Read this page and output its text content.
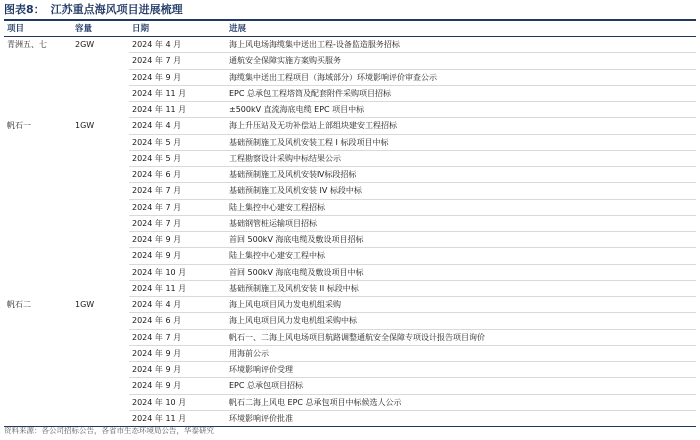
图表8： 江苏重点海风项目进展梳理
项目	容量	日期	进展
青洲五、七	2GW	2024 年 4 月	海上风电场海缆集中送出工程-设备监造服务招标
		2024 年 7 月	通航安全保障实施方案购买服务
		2024 年 9 月	海缆集中送出工程项目（海域部分）环境影响评价审查公示
		2024 年 11 月	EPC 总承包工程塔筒及配套附件采购项目招标
		2024 年 11 月	±500kV 直流海底电缆 EPC 项目中标
帆石一	1GW	2024 年 4 月	海上升压站及无功补偿站上部组块建安工程招标
		2024 年 5 月	基础预制施工及风机安装工程 I 标段项目中标
		2024 年 5 月	工程勘察设计采购中标结果公示
		2024 年 6 月	基础预制施工及风机安装Ⅳ标段招标
		2024 年 7 月	基础预制施工及风机安装 IV 标段中标
		2024 年 7 月	陆上集控中心建安工程招标
		2024 年 7 月	基础钢管桩运输项目招标
		2024 年 9 月	首回 500kV 海底电缆及敷设项目招标
		2024 年 9 月	陆上集控中心建安工程中标
		2024 年 10 月	首回 500kV 海底电缆及敷设项目中标
		2024 年 11 月	基础预制施工及风机安装 II 标段中标
帆石二	1GW	2024 年 4 月	海上风电项目风力发电机组采购
		2024 年 6 月	海上风电项目风力发电机组采购中标
		2024 年 7 月	帆石一、二海上风电场项目航路调整通航安全保障专项设计报告项目询价
		2024 年 9 月	用海前公示
		2024 年 9 月	环境影响评价受理
		2024 年 9 月	EPC 总承包项目招标
		2024 年 10 月	帆石二海上风电 EPC 总承包项目中标候选人公示
		2024 年 11 月	环境影响评价批准
资料来源：各公司招标公告，各省市生态环境局公告，华泰研究
